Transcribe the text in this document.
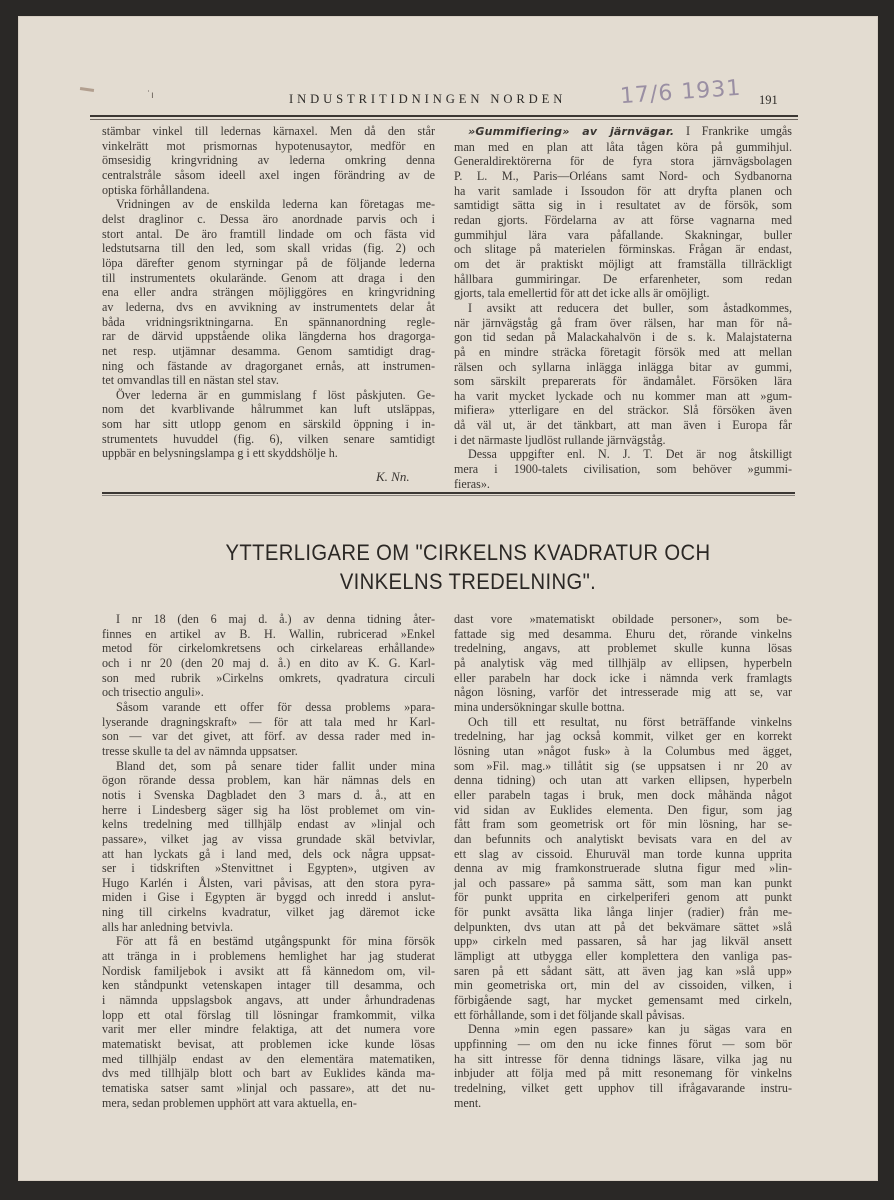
˙ı	INDUSTRITIDNINGEN NORDEN 17/6 1931 191

stämbar vinkel till ledernas kärnaxel. Men då den står
vinkelrätt mot prismornas hypotenusaytor, medför en
ömsesidig kringvridning av lederna omkring denna
centralstråle såsom ideell axel ingen förändring av de
optiska förhållandena.

Vridningen av de enskilda lederna kan företagas me-
delst draglinor c. Dessa äro anordnade parvis och i
stort antal. De äro framtill lindade om och fästa vid
ledstutsarna till den led, som skall vridas (fig. 2) och
löpa därefter genom styrningar på de följande lederna
till instrumentets okularände. Genom att draga i den
ena eller andra strängen möjliggöres en kringvridning
av lederna, dvs en avvikning av instrumentets delar åt
båda vridningsriktningarna. En spännanordning regle-
rar de därvid uppstående olika längderna hos dragorga-
net resp. utjämnar desamma. Genom samtidigt drag-
ning och fästande av dragorganet ernås, att instrumen-
tet omvandlas till en nästan stel stav.

Över lederna är en gummislang f löst påskjuten. Ge-
nom det kvarblivande hålrummet kan luft utsläppas,
som har sitt utlopp genom en särskild öppning i in-
strumentets huvuddel (fig. 6), vilken senare samtidigt
uppbär en belysningslampa g i ett skyddshölje h.

K. Nn.

»Gummifiering» av järnvägar. I Frankrike umgås
man med en plan att låta tågen köra på gummihjul.
Generaldirektörerna för de fyra stora järnvägsbolagen
P. L. M., Paris—Orléans samt Nord- och Sydbanorna
ha varit samlade i Issoudon för att dryfta planen och
samtidigt sätta sig in i resultatet av de försök, som
redan gjorts. Fördelarna av att förse vagnarna med
gummihjul lära vara påfallande. Skakningar, buller
och slitage på materielen förminskas. Frågan är endast,
om det är praktiskt möjligt att framställa tillräckligt
hållbara gummiringar. De erfarenheter, som redan
gjorts, tala emellertid för att det icke alls är omöjligt.

I avsikt att reducera det buller, som åstadkommes,
när järnvägståg gå fram över rälsen, har man för nå-
gon tid sedan på Malackahalvön i de s. k. Malajstaterna
på en mindre sträcka företagit försök med att mellan
rälsen och syllarna inlägga inlägga bitar av gummi,
som särskilt preparerats för ändamålet. Försöken lära
ha varit mycket lyckade och nu kommer man att »gum-
mifiera» ytterligare en del sträckor. Slå försöken även
då väl ut, är det tänkbart, att man även i Europa får
i det närmaste ljudlöst rullande järnvägståg.

Dessa uppgifter enl. N. J. T. Det är nog åtskilligt
mera i 1900-talets civilisation, som behöver »gummi-
fieras».

YTTERLIGARE OM "CIRKELNS KVADRATUR OCH
VINKELNS TREDELNING".

I nr 18 (den 6 maj d. å.) av denna tidning åter-
finnes en artikel av B. H. Wallin, rubricerad »Enkel
metod för cirkelomkretsens och cirkelareas erhållande»
och i nr 20 (den 20 maj d. å.) en dito av K. G. Karl-
son med rubrik »Cirkelns omkrets, qvadratura circuli
och trisectio anguli».

Såsom varande ett offer för dessa problems »para-
lyserande dragningskraft» — för att tala med hr Karl-
son — var det givet, att förf. av dessa rader med in-
tresse skulle ta del av nämnda uppsatser.

Bland det, som på senare tider fallit under mina
ögon rörande dessa problem, kan här nämnas dels en
notis i Svenska Dagbladet den 3 mars d. å., att en
herre i Lindesberg säger sig ha löst problemet om vin-
kelns tredelning med tillhjälp endast av »linjal och
passare», vilket jag av vissa grundade skäl betvivlar,
att han lyckats gå i land med, dels ock några uppsat-
ser i tidskriften »Stenvittnet i Egypten», utgiven av
Hugo Karlén i Ålsten, vari påvisas, att den stora pyra-
miden i Gise i Egypten är byggd och inredd i anslut-
ning till cirkelns kvadratur, vilket jag däremot icke
alls har anledning betvivla.

För att få en bestämd utgångspunkt för mina försök
att tränga in i problemens hemlighet har jag studerat
Nordisk familjebok i avsikt att få kännedom om, vil-
ken ståndpunkt vetenskapen intager till desamma, och
i nämnda uppslagsbok angavs, att under århundradenas
lopp ett otal förslag till lösningar framkommit, vilka
varit mer eller mindre felaktiga, att det numera vore
matematiskt bevisat, att problemen icke kunde lösas
med tillhjälp endast av den elementära matematiken,
dvs med tillhjälp blott och bart av Euklides kända ma-
tematiska satser samt »linjal och passare», att det nu-
mera, sedan problemen upphört att vara aktuella, en-

dast vore »matematiskt obildade personer», som be-
fattade sig med desamma. Ehuru det, rörande vinkelns
tredelning, angavs, att problemet skulle kunna lösas
på analytisk väg med tillhjälp av ellipsen, hyperbeln
eller parabeln har dock icke i nämnda verk framlagts
någon lösning, varför det intresserade mig att se, var
mina undersökningar skulle bottna.

Och till ett resultat, nu först beträffande vinkelns
tredelning, har jag också kommit, vilket ger en korrekt
lösning utan »något fusk» à la Columbus med ägget,
som »Fil. mag.» tillåtit sig (se uppsatsen i nr 20 av
denna tidning) och utan att varken ellipsen, hyperbeln
eller parabeln tagas i bruk, men dock måhända något
vid sidan av Euklides elementa. Den figur, som jag
fått fram som geometrisk ort för min lösning, har se-
dan befunnits och analytiskt bevisats vara en del av
ett slag av cissoid. Ehuruväl man torde kunna upprita
denna av mig framkonstruerade slutna figur med »lin-
jal och passare» på samma sätt, som man kan punkt
för punkt upprita en cirkelperiferi genom att punkt
för punkt avsätta lika långa linjer (radier) från me-
delpunkten, dvs utan att på det bekvämare sättet »slå
upp» cirkeln med passaren, så har jag likväl ansett
lämpligt att utbygga eller komplettera den vanliga pas-
saren på ett sådant sätt, att även jag kan »slå upp»
min geometriska ort, min del av cissoiden, vilken, i
förbigående sagt, har mycket gemensamt med cirkeln,
ett förhållande, som i det följande skall påvisas.

Denna »min egen passare» kan ju sägas vara en
uppfinning — om den nu icke finnes förut — som bör
ha sitt intresse för denna tidnings läsare, vilka jag nu
inbjuder att följa med på mitt resonemang för vinkelns
tredelning, vilket gett upphov till ifrågavarande instru-
ment.
